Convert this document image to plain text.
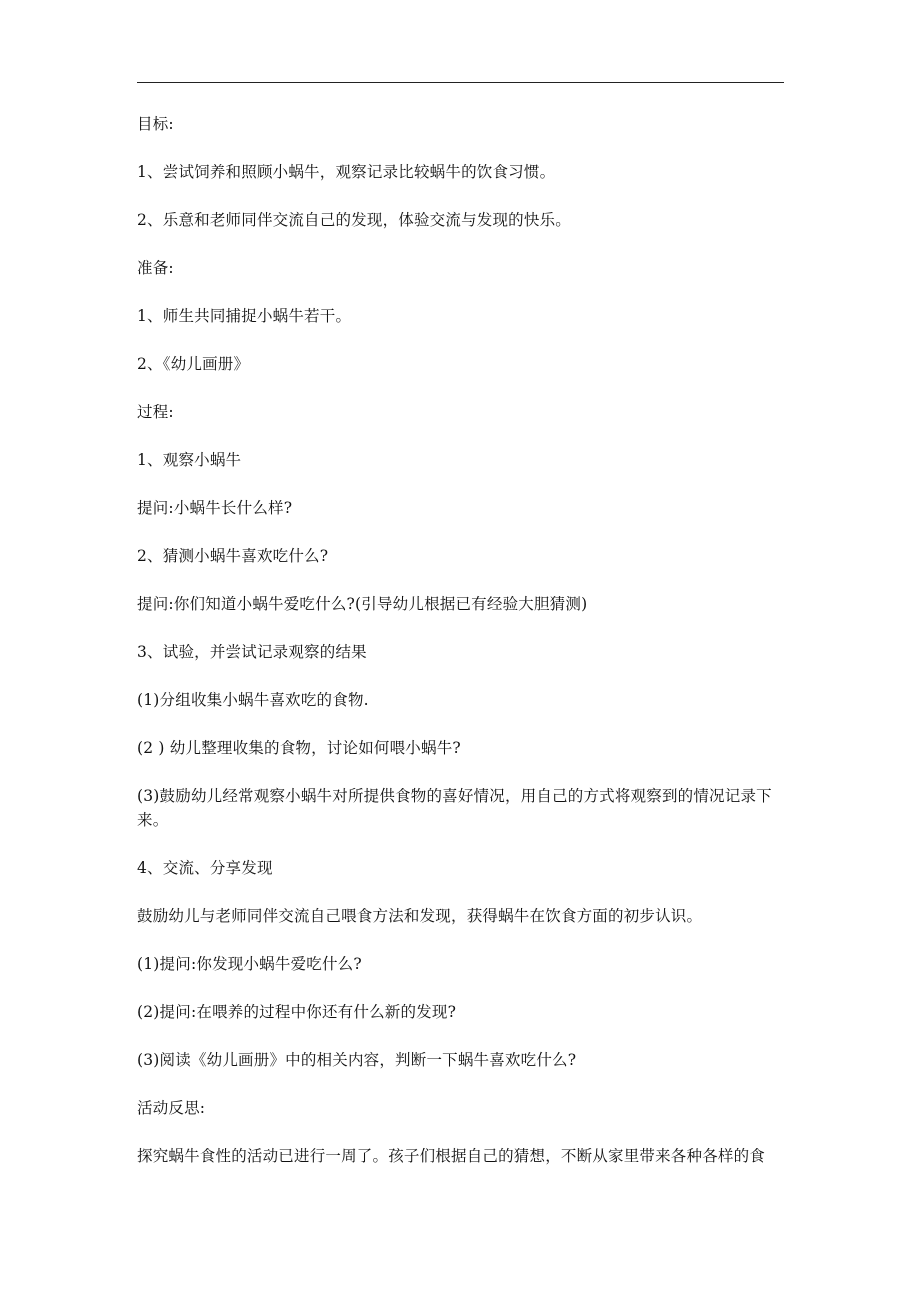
目标:

1、尝试饲养和照顾小蜗牛，观察记录比较蜗牛的饮食习惯。

2、乐意和老师同伴交流自己的发现，体验交流与发现的快乐。

准备:

1、师生共同捕捉小蜗牛若干。

2、《幼儿画册》

过程:

1、观察小蜗牛

提问:小蜗牛长什么样?

2、猜测小蜗牛喜欢吃什么?

提问:你们知道小蜗牛爱吃什么?(引导幼儿根据已有经验大胆猜测)

3、试验，并尝试记录观察的结果

(1)分组收集小蜗牛喜欢吃的食物.

(2 ) 幼儿整理收集的食物，讨论如何喂小蜗牛?

(3)鼓励幼儿经常观察小蜗牛对所提供食物的喜好情况，用自己的方式将观察到的情况记录下来。

4、交流、分享发现

鼓励幼儿与老师同伴交流自己喂食方法和发现，获得蜗牛在饮食方面的初步认识。

(1)提问:你发现小蜗牛爱吃什么?

(2)提问:在喂养的过程中你还有什么新的发现?

(3)阅读《幼儿画册》中的相关内容，判断一下蜗牛喜欢吃什么?

活动反思:

探究蜗牛食性的活动已进行一周了。孩子们根据自己的猜想，不断从家里带来各种各样的食
